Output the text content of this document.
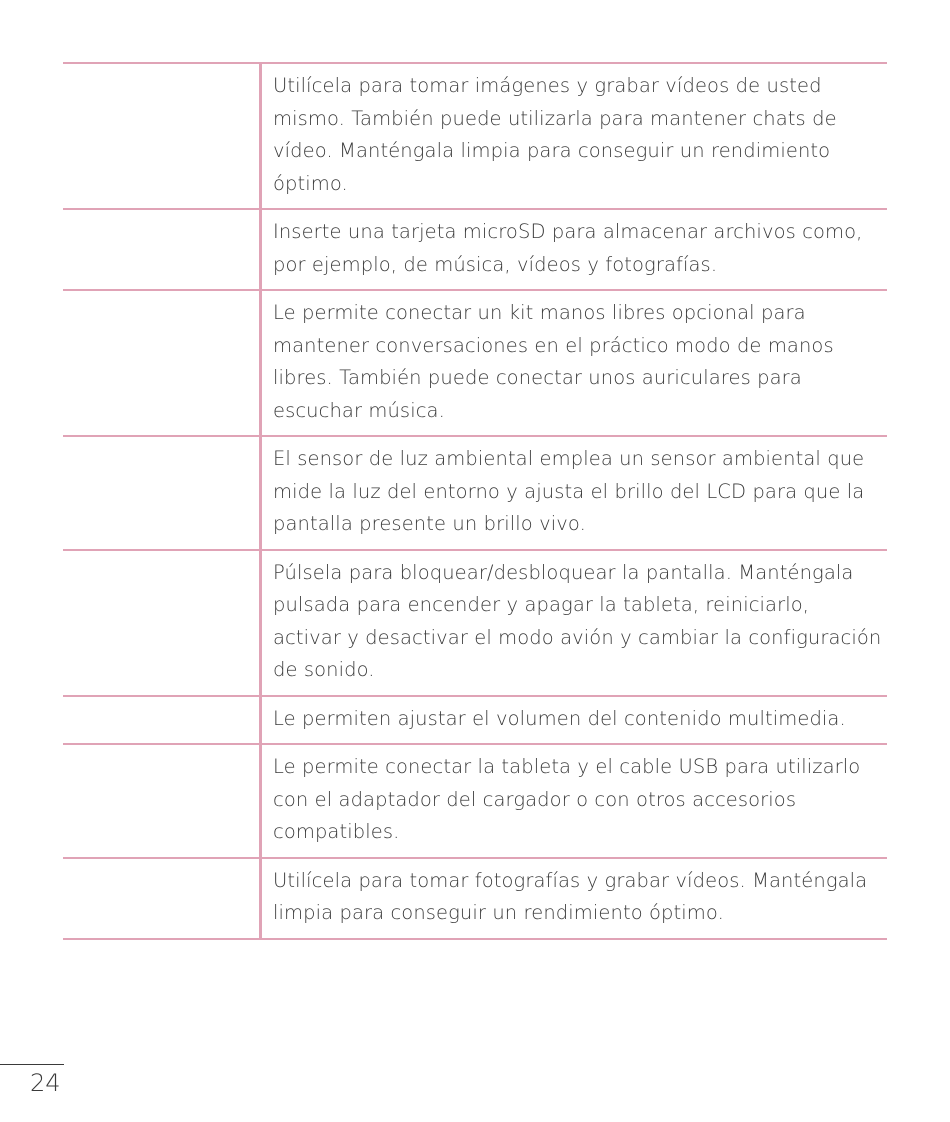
	Utilícela para tomar imágenes y grabar vídeos de usted mismo. También puede utilizarla para mantener chats de vídeo. Manténgala limpia para conseguir un rendimiento óptimo.

	Inserte una tarjeta microSD para almacenar archivos como, por ejemplo, de música, vídeos y fotografías.

	Le permite conectar un kit manos libres opcional para mantener conversaciones en el práctico modo de manos libres. También puede conectar unos auriculares para escuchar música.

	El sensor de luz ambiental emplea un sensor ambiental que mide la luz del entorno y ajusta el brillo del LCD para que la pantalla presente un brillo vivo.

	Púlsela para bloquear/desbloquear la pantalla. Manténgala pulsada para encender y apagar la tableta, reiniciarlo, activar y desactivar el modo avión y cambiar la configuración de sonido.

	Le permiten ajustar el volumen del contenido multimedia.

	Le permite conectar la tableta y el cable USB para utilizarlo con el adaptador del cargador o con otros accesorios compatibles.

	Utilícela para tomar fotografías y grabar vídeos. Manténgala limpia para conseguir un rendimiento óptimo.
24
